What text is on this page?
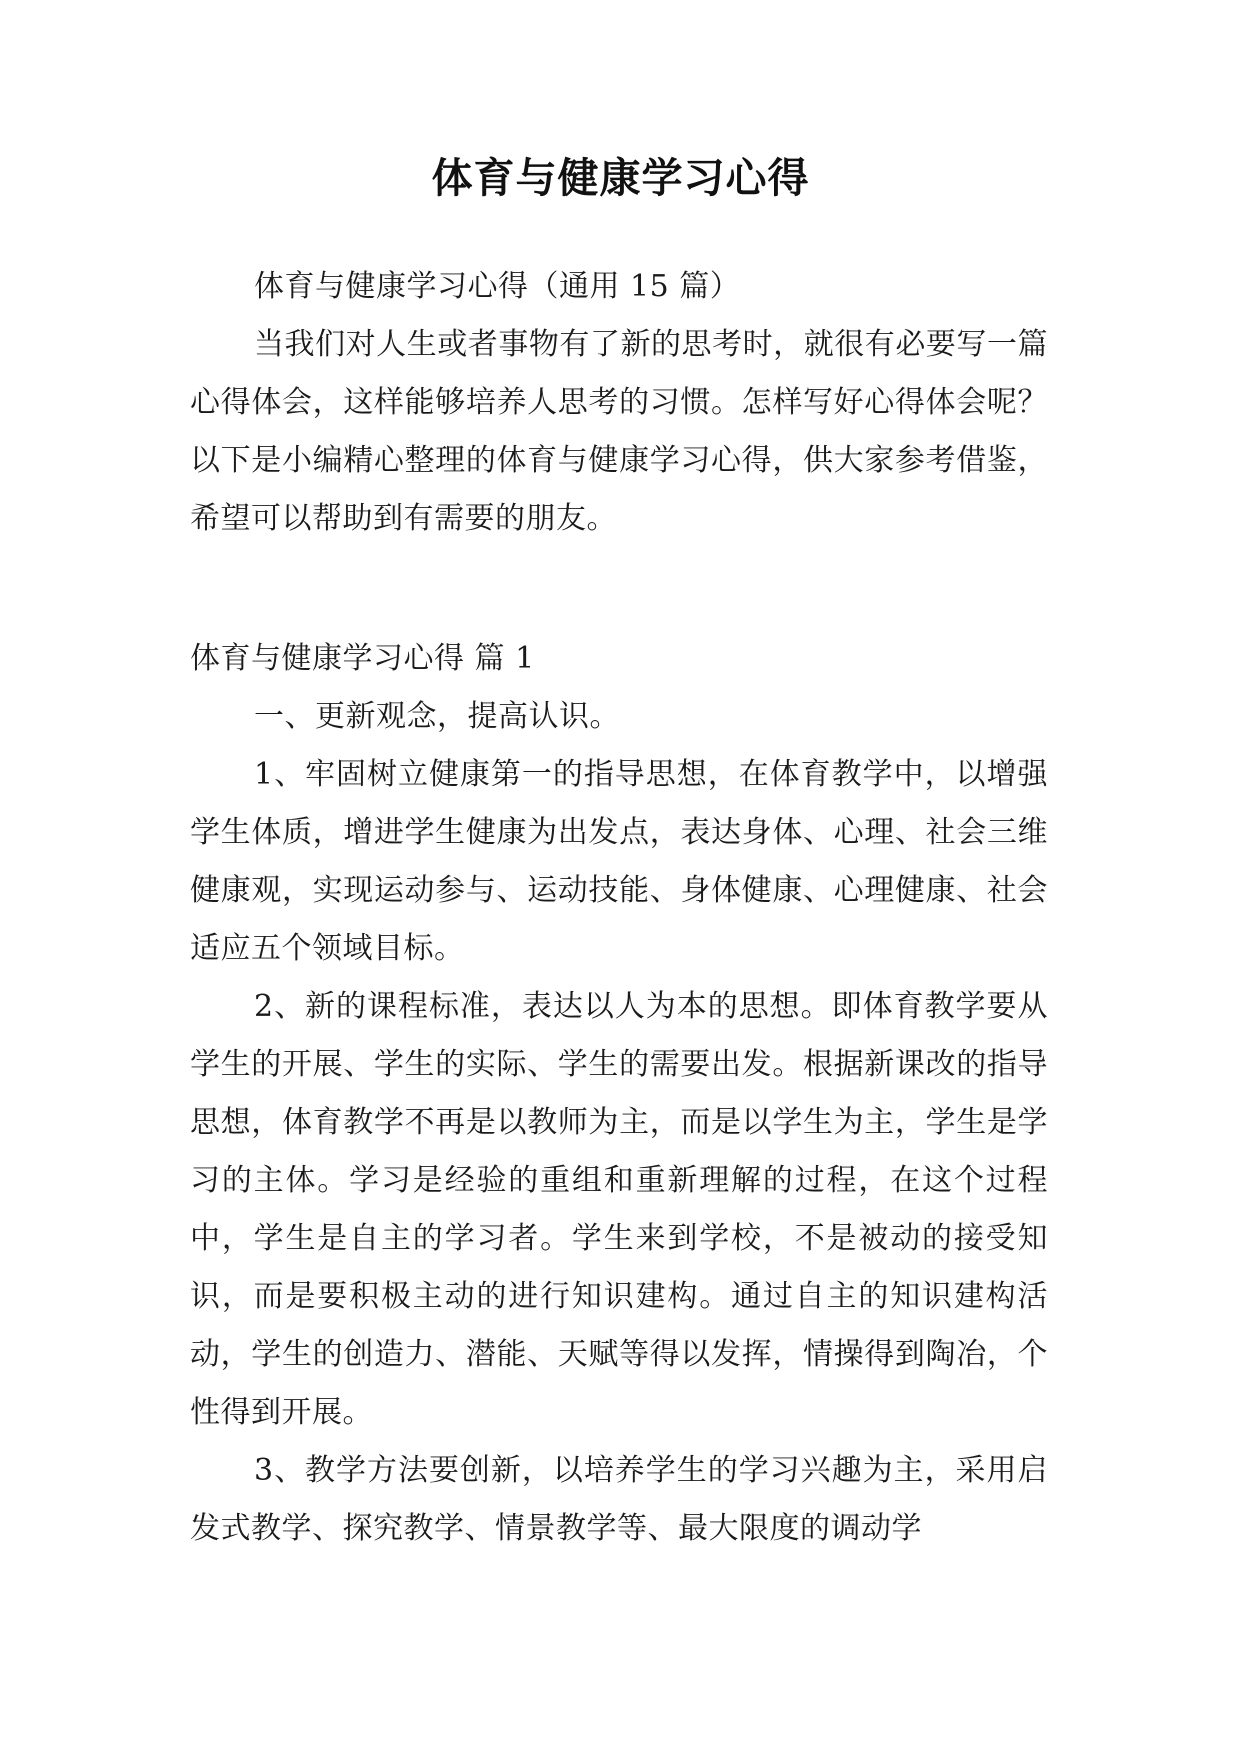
体育与健康学习心得

体育与健康学习心得（通用 15 篇）

当我们对人生或者事物有了新的思考时，就很有必要写一篇心得体会，这样能够培养人思考的习惯。怎样写好心得体会呢？以下是小编精心整理的体育与健康学习心得，供大家参考借鉴，希望可以帮助到有需要的朋友。

体育与健康学习心得 篇 1

一、更新观念，提高认识。

1、牢固树立健康第一的指导思想，在体育教学中，以增强学生体质，增进学生健康为出发点，表达身体、心理、社会三维健康观，实现运动参与、运动技能、身体健康、心理健康、社会适应五个领域目标。

2、新的课程标准，表达以人为本的思想。即体育教学要从学生的开展、学生的实际、学生的需要出发。根据新课改的指导思想，体育教学不再是以教师为主，而是以学生为主，学生是学习的主体。学习是经验的重组和重新理解的过程，在这个过程中，学生是自主的学习者。学生来到学校，不是被动的接受知识，而是要积极主动的进行知识建构。通过自主的知识建构活动，学生的创造力、潜能、天赋等得以发挥，情操得到陶冶，个性得到开展。

3、教学方法要创新，以培养学生的学习兴趣为主，采用启发式教学、探究教学、情景教学等、最大限度的调动学
